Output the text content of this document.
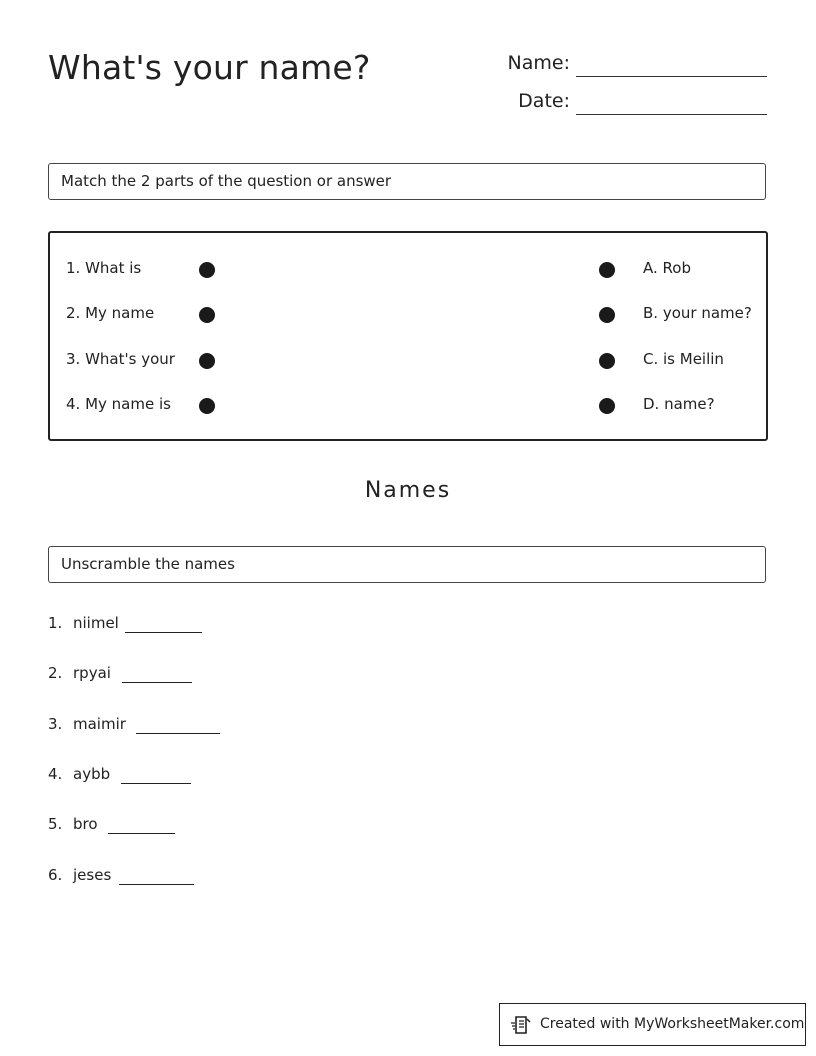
What's your name?	Name:
Date:
Match the 2 parts of the question or answer
1. What is	A. Rob
2. My name	B. your name?
3. What's your	C. is Meilin
4. My name is	D. name?
Names
Unscramble the names
1. niimel
2. rpyai
3. maimir
4. aybb
5. bro
6. jeses
Created with MyWorksheetMaker.com
